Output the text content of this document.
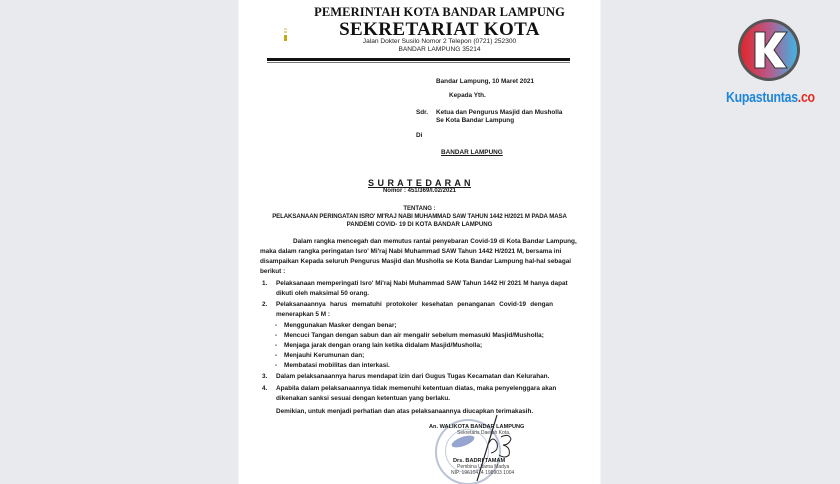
PEMERINTAH KOTA BANDAR LAMPUNG
SEKRETARIAT KOTA
Jalan Dokter Susilo Nomor 2 Telepon (0721) 252300
BANDAR LAMPUNG 35214
Bandar Lampung, 10 Maret 2021
Kepada Yth.
Sdr. Ketua dan Pengurus Masjid dan Musholla
Se Kota Bandar Lampung
Di
BANDAR LAMPUNG
S U R A T E D A R A N
Nomor : 451/369/I.02/2021
TENTANG :
PELAKSANAAN PERINGATAN ISRO' MI'RAJ NABI MUHAMMAD SAW TAHUN 1442 H/2021 M PADA MASA
PANDEMI COVID- 19 DI KOTA BANDAR LAMPUNG
Dalam rangka mencegah dan memutus rantai penyebaran Covid-19 di Kota Bandar Lampung,
maka dalam rangka peringatan Isro' Mi'raj Nabi Muhammad SAW Tahun 1442 H/2021 M, bersama ini
disampaikan Kepada seluruh Pengurus Masjid dan Musholla se Kota Bandar Lampung hal-hal sebagai
berikut :
1. Pelaksanaan memperingati Isro' Mi'raj Nabi Muhammad SAW Tahun 1442 H/ 2021 M hanya dapat
dikuti oleh maksimal 50 orang.
2. Pelaksanaannya harus mematuhi protokoler kesehatan penanganan Covid-19 dengan
menerapkan 5 M :
- Menggunakan Masker dengan benar;
- Mencuci Tangan dengan sabun dan air mengalir sebelum memasuki Masjid/Musholla;
- Menjaga jarak dengan orang lain ketika didalam Masjid/Musholla;
- Menjauhi Kerumunan dan;
- Membatasi mobilitas dan interkasi.
3. Dalam pelaksanaannya harus mendapat izin dari Gugus Tugas Kecamatan dan Kelurahan.
4. Apabila dalam pelaksanaannya tidak memenuhi ketentuan diatas, maka penyelenggara akan
dikenakan sanksi sesuai dengan ketentuan yang berlaku.
Demikian, untuk menjadi perhatian dan atas pelaksanaannya diucapkan terimakasih.
An. WALIKOTA BANDAR LAMPUNG
Sekretaris Daerah Kota,
Drs. BADRI TAMAM
Pembina Utama Madya
NIP. 19610414 198903 1004
Kupastuntas.co
